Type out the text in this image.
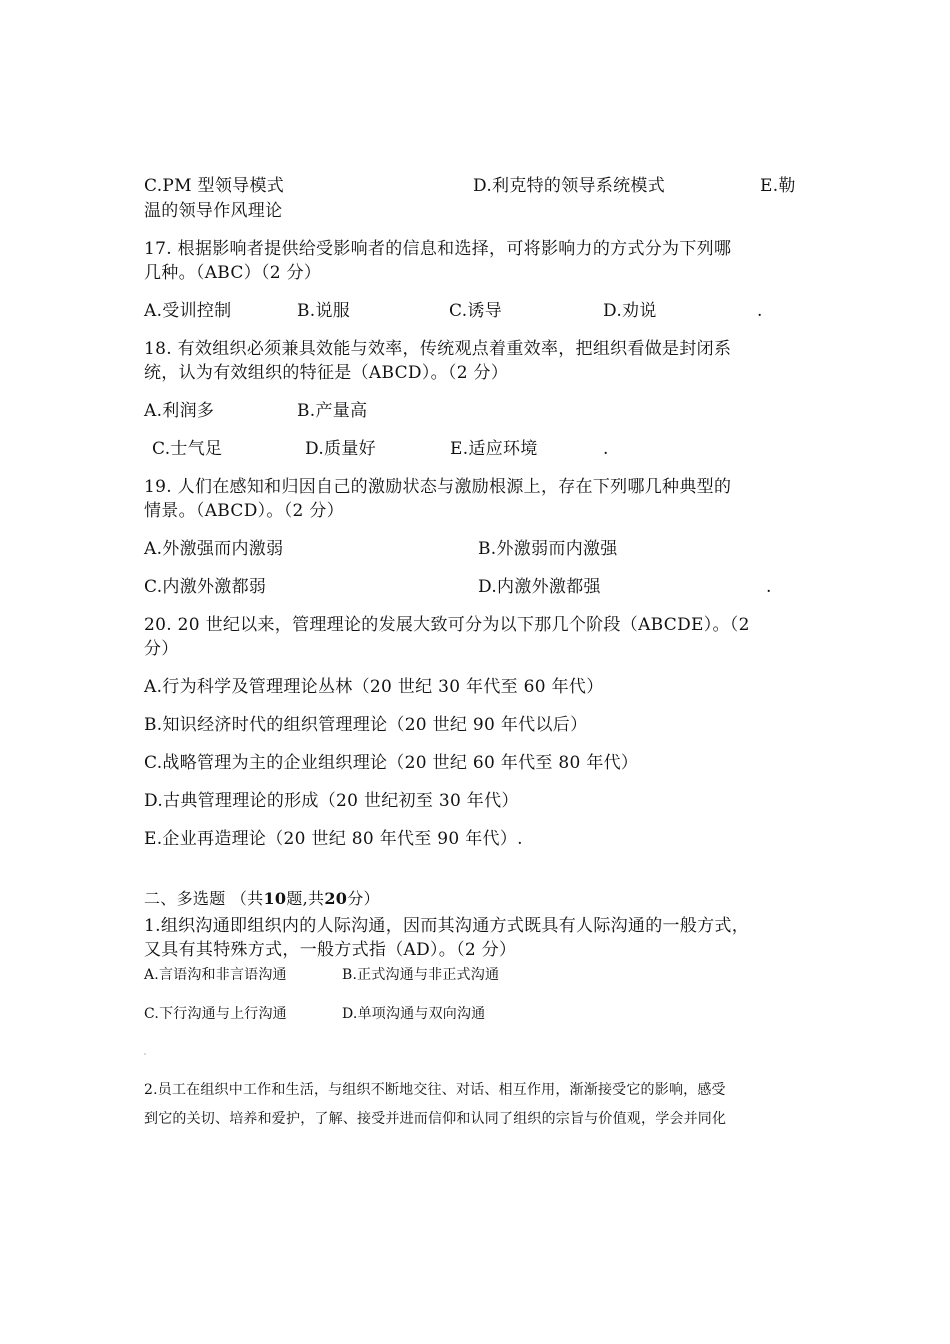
C.PM 型领导模式	D.利克特的领导系统模式	E.勒
温的领导作风理论
17. 根据影响者提供给受影响者的信息和选择，可将影响力的方式分为下列哪
几种。（ABC）（2 分）
A.受训控制	B.说服	C.诱导	D.劝说	.
18. 有效组织必须兼具效能与效率，传统观点着重效率，把组织看做是封闭系
统，认为有效组织的特征是（ABCD）。（2 分）
A.利润多	B.产量高
C.士气足	D.质量好	E.适应环境	.
19. 人们在感知和归因自己的激励状态与激励根源上，存在下列哪几种典型的
情景。（ABCD）。（2 分）
A.外激强而内激弱	B.外激弱而内激强
C.内激外激都弱	D.内激外激都强	.
20. 20 世纪以来，管理理论的发展大致可分为以下那几个阶段（ABCDE）。（2
分）
A.行为科学及管理理论丛林（20 世纪 30 年代至 60 年代）
B.知识经济时代的组织管理理论（20 世纪 90 年代以后）
C.战略管理为主的企业组织理论（20 世纪 60 年代至 80 年代）
D.古典管理理论的形成（20 世纪初至 30 年代）
E.企业再造理论（20 世纪 80 年代至 90 年代）.
二、多选题 （共10题,共20分）
1.组织沟通即组织内的人际沟通，因而其沟通方式既具有人际沟通的一般方式，
又具有其特殊方式，一般方式指（AD）。（2 分）
A.言语沟和非言语沟通	B.正式沟通与非正式沟通
C.下行沟通与上行沟通	D.单项沟通与双向沟通
2.员工在组织中工作和生活，与组织不断地交往、对话、相互作用，渐渐接受它的影响，感受
到它的关切、培养和爱护，了解、接受并进而信仰和认同了组织的宗旨与价值观，学会并同化
